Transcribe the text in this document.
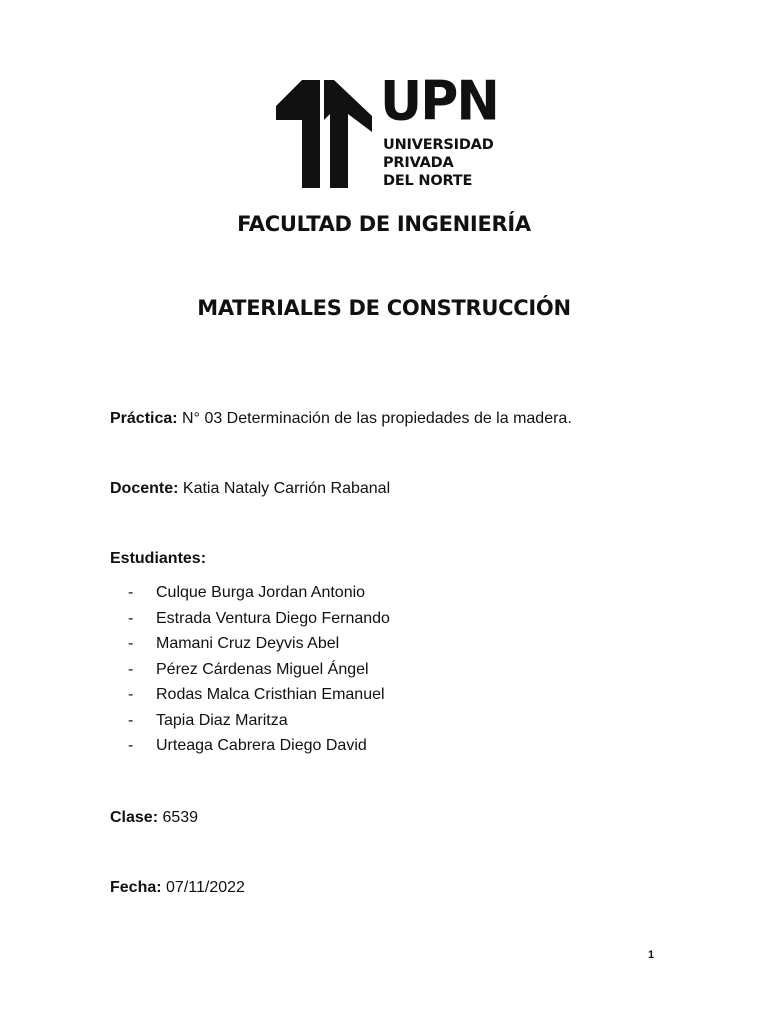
UPN
UNIVERSIDAD
PRIVADA
DEL NORTE
FACULTAD DE INGENIERÍA
MATERIALES DE CONSTRUCCIÓN
Práctica: N° 03 Determinación de las propiedades de la madera.
Docente: Katia Nataly Carrión Rabanal
Estudiantes:
- Culque Burga Jordan Antonio
- Estrada Ventura Diego Fernando
- Mamani Cruz Deyvis Abel
- Pérez Cárdenas Miguel Ángel
- Rodas Malca Cristhian Emanuel
- Tapia Diaz Maritza
- Urteaga Cabrera Diego David
Clase: 6539
Fecha: 07/11/2022
1
